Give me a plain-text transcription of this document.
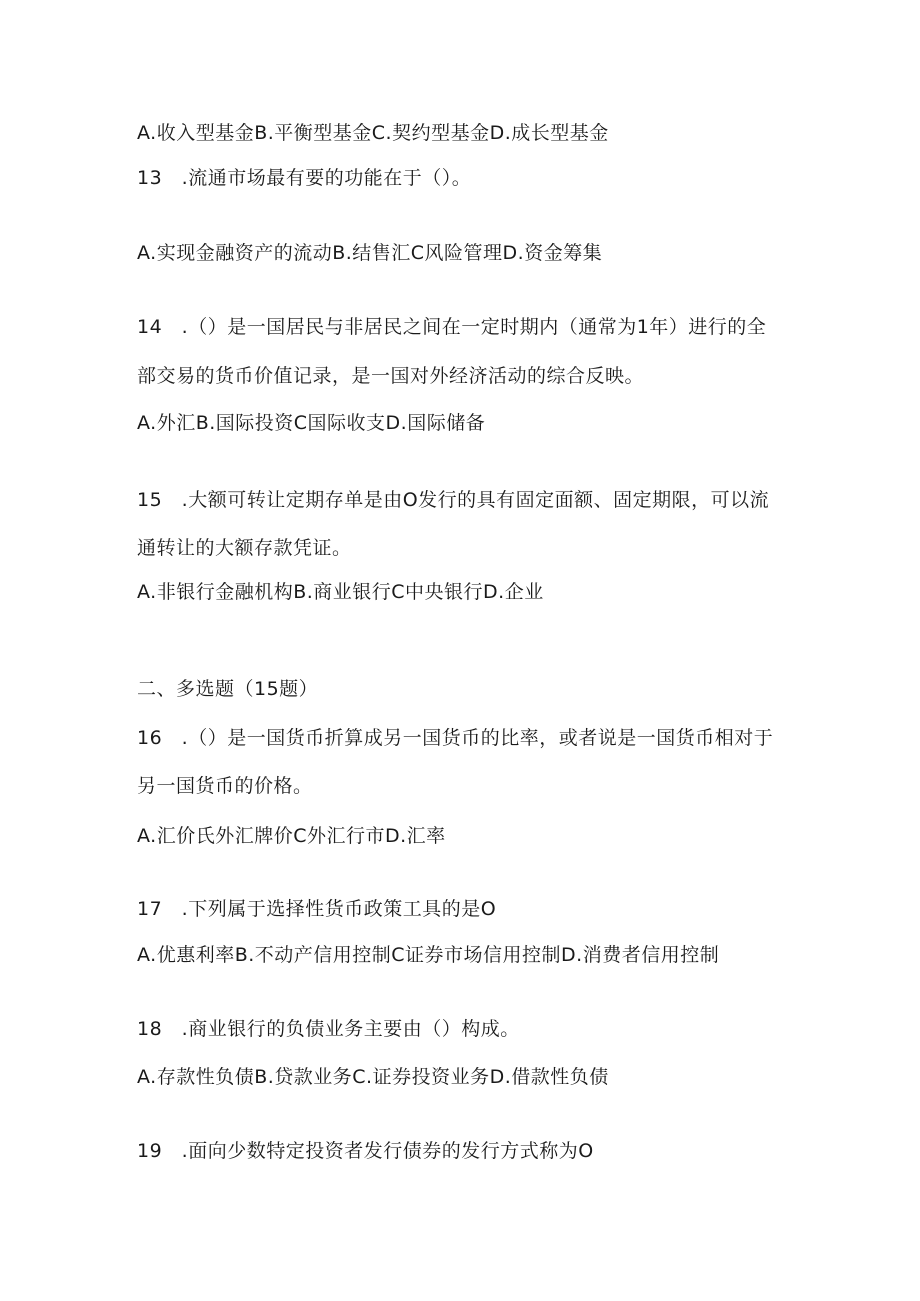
A.收入型基金B.平衡型基金C.契约型基金D.成长型基金
13　.流通市场最有要的功能在于（）。
A.实现金融资产的流动B.结售汇C风险管理D.资金筹集
14　.（）是一国居民与非居民之间在一定时期内（通常为1年）进行的全
部交易的货币价值记录，是一国对外经济活动的综合反映。
A.外汇B.国际投资C国际收支D.国际储备
15　.大额可转让定期存单是由O发行的具有固定面额、固定期限，可以流
通转让的大额存款凭证。
A.非银行金融机构B.商业银行C中央银行D.企业
二、多选题（15题）
16　.（）是一国货币折算成另一国货币的比率，或者说是一国货币相对于
另一国货币的价格。
A.汇价氏外汇牌价C外汇行市D.汇率
17　.下列属于选择性货币政策工具的是O
A.优惠利率B.不动产信用控制C证券市场信用控制D.消费者信用控制
18　.商业银行的负债业务主要由（）构成。
A.存款性负债B.贷款业务C.证券投资业务D.借款性负债
19　.面向少数特定投资者发行债券的发行方式称为O
